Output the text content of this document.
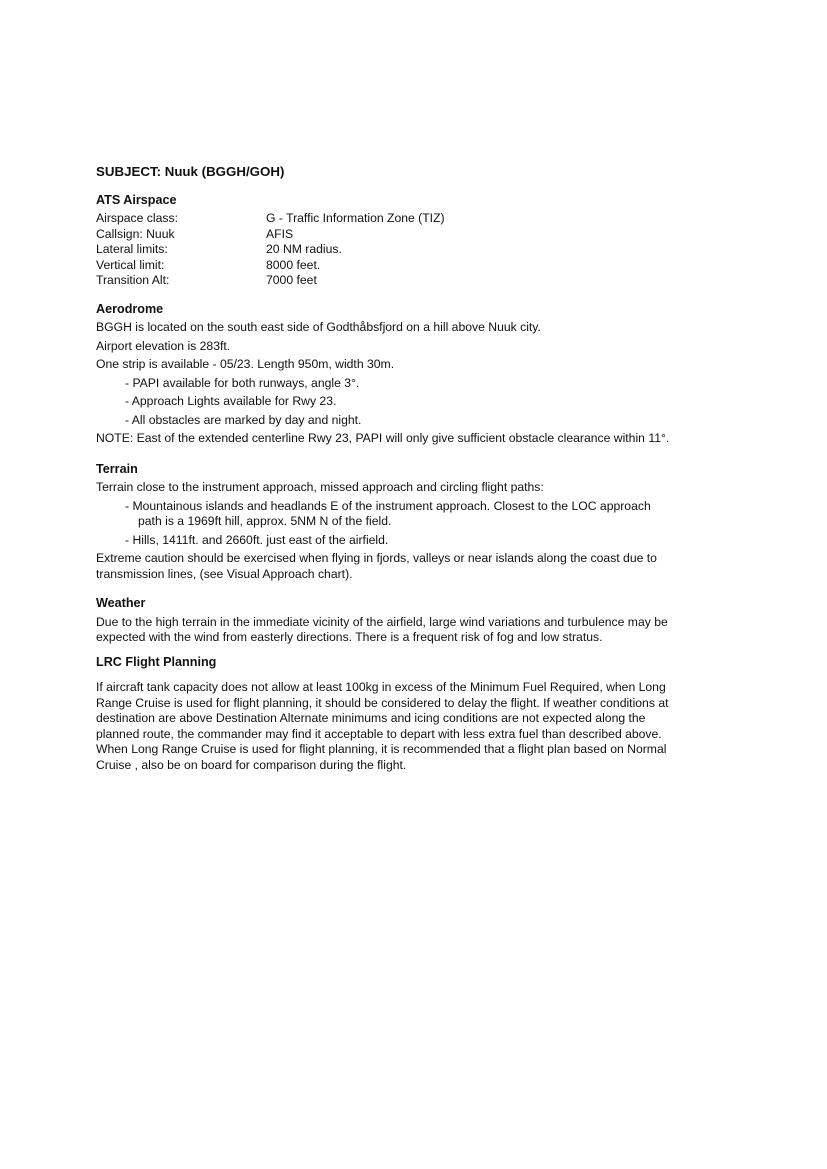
SUBJECT: Nuuk (BGGH/GOH)
ATS Airspace
Airspace class:	G - Traffic Information Zone (TIZ)
Callsign: Nuuk	AFIS
Lateral limits:	20 NM radius.
Vertical limit:	8000 feet.
Transition Alt:	7000 feet
Aerodrome

BGGH is located on the south east side of Godthåbsfjord on a hill above Nuuk city.

Airport elevation is 283ft.

One strip is available - 05/23. Length 950m, width 30m.

- PAPI available for both runways, angle 3°.

- Approach Lights available for Rwy 23.

- All obstacles are marked by day and night.

NOTE: East of the extended centerline Rwy 23, PAPI will only give sufficient obstacle clearance within 11°.

Terrain

Terrain close to the instrument approach, missed approach and circling flight paths:

- Mountainous islands and headlands E of the instrument approach. Closest to the LOC approach path is a 1969ft hill, approx. 5NM N of the field.

- Hills, 1411ft. and 2660ft. just east of the airfield.

Extreme caution should be exercised when flying in fjords, valleys or near islands along the coast due to transmission lines, (see Visual Approach chart).

Weather

Due to the high terrain in the immediate vicinity of the airfield, large wind variations and turbulence may be expected with the wind from easterly directions. There is a frequent risk of fog and low stratus.

LRC Flight Planning

If aircraft tank capacity does not allow at least 100kg in excess of the Minimum Fuel Required, when Long Range Cruise is used for flight planning, it should be considered to delay the flight. If weather conditions at destination are above Destination Alternate minimums and icing conditions are not expected along the planned route, the commander may find it acceptable to depart with less extra fuel than described above.

When Long Range Cruise is used for flight planning, it is recommended that a flight plan based on Normal Cruise , also be on board for comparison during the flight.
